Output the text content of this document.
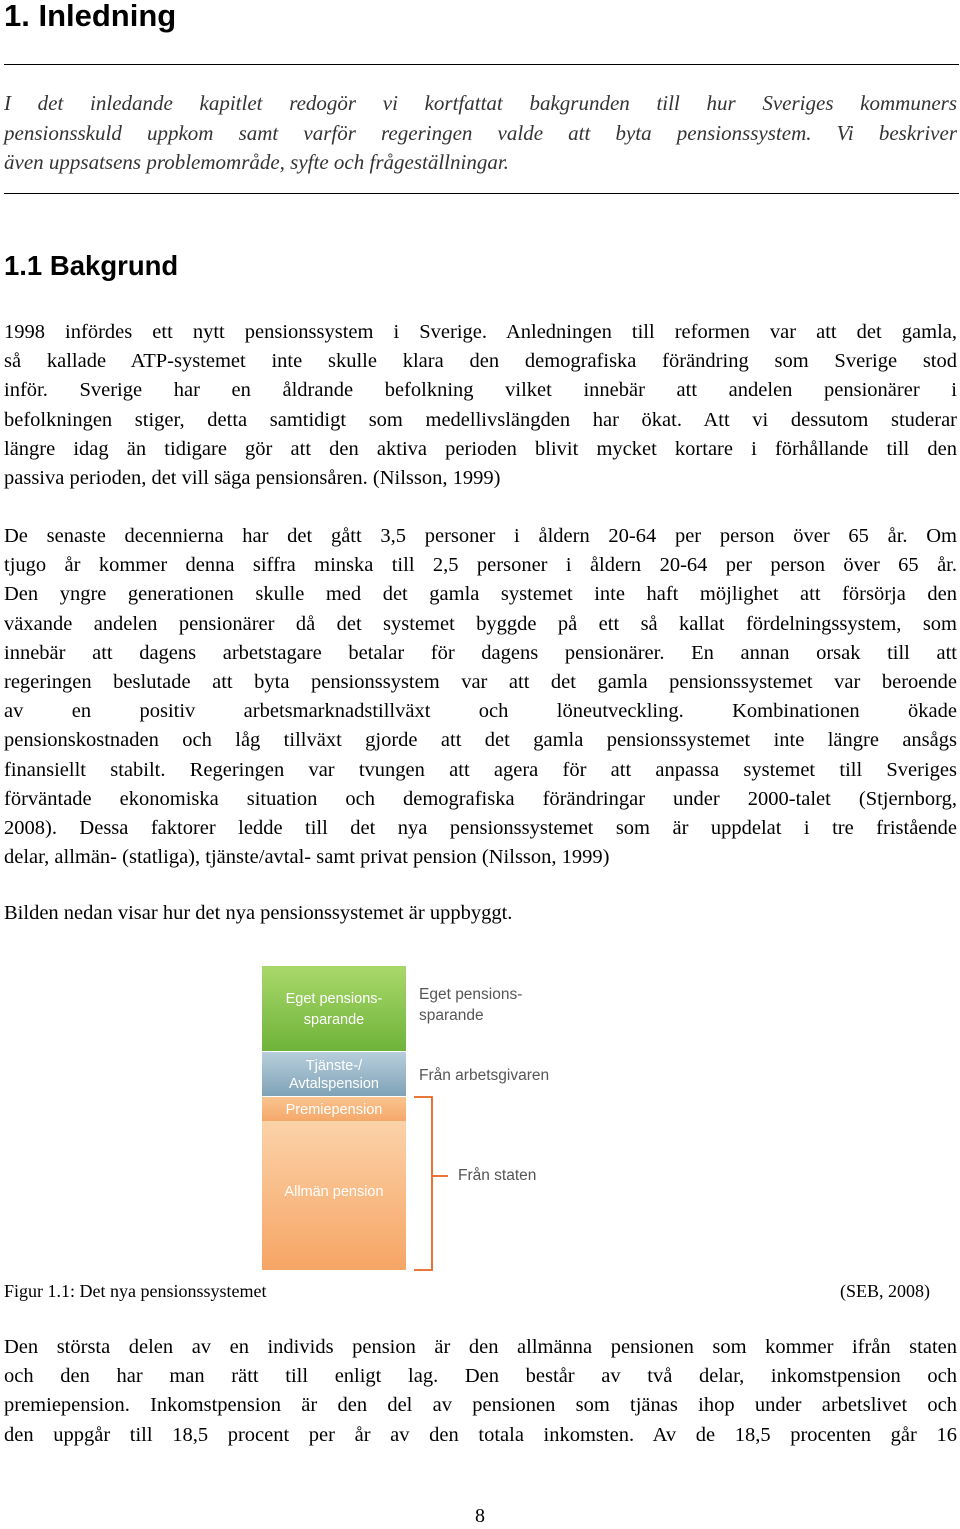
1. Inledning
I det inledande kapitlet redogör vi kortfattat bakgrunden till hur Sveriges kommuners
pensionsskuld uppkom samt varför regeringen valde att byta pensionssystem. Vi beskriver
även uppsatsens problemområde, syfte och frågeställningar.
1.1 Bakgrund
1998 infördes ett nytt pensionssystem i Sverige. Anledningen till reformen var att det gamla,
så kallade ATP-systemet inte skulle klara den demografiska förändring som Sverige stod
inför. Sverige har en åldrande befolkning vilket innebär att andelen pensionärer i
befolkningen stiger, detta samtidigt som medellivslängden har ökat. Att vi dessutom studerar
längre idag än tidigare gör att den aktiva perioden blivit mycket kortare i förhållande till den
passiva perioden, det vill säga pensionsåren. (Nilsson, 1999)
De senaste decennierna har det gått 3,5 personer i åldern 20-64 per person över 65 år. Om
tjugo år kommer denna siffra minska till 2,5 personer i åldern 20-64 per person över 65 år.
Den yngre generationen skulle med det gamla systemet inte haft möjlighet att försörja den
växande andelen pensionärer då det systemet byggde på ett så kallat fördelningssystem, som
innebär att dagens arbetstagare betalar för dagens pensionärer. En annan orsak till att
regeringen beslutade att byta pensionssystem var att det gamla pensionssystemet var beroende
av en positiv arbetsmarknadstillväxt och löneutveckling. Kombinationen ökade
pensionskostnaden och låg tillväxt gjorde att det gamla pensionssystemet inte längre ansågs
finansiellt stabilt. Regeringen var tvungen att agera för att anpassa systemet till Sveriges
förväntade ekonomiska situation och demografiska förändringar under 2000-talet (Stjernborg,
2008). Dessa faktorer ledde till det nya pensionssystemet som är uppdelat i tre fristående
delar, allmän- (statliga), tjänste/avtal- samt privat pension (Nilsson, 1999)
Bilden nedan visar hur det nya pensionssystemet är uppbyggt.
Eget pensions-
sparande
Tjänste-/
Avtalspension
Premiepension
Allmän pension
Eget pensions-
sparande
Från arbetsgivaren
Från staten
Figur 1.1: Det nya pensionssystemet	(SEB, 2008)
Den största delen av en individs pension är den allmänna pensionen som kommer ifrån staten
och den har man rätt till enligt lag. Den består av två delar, inkomstpension och
premiepension. Inkomstpension är den del av pensionen som tjänas ihop under arbetslivet och
den uppgår till 18,5 procent per år av den totala inkomsten. Av de 18,5 procenten går 16
8
